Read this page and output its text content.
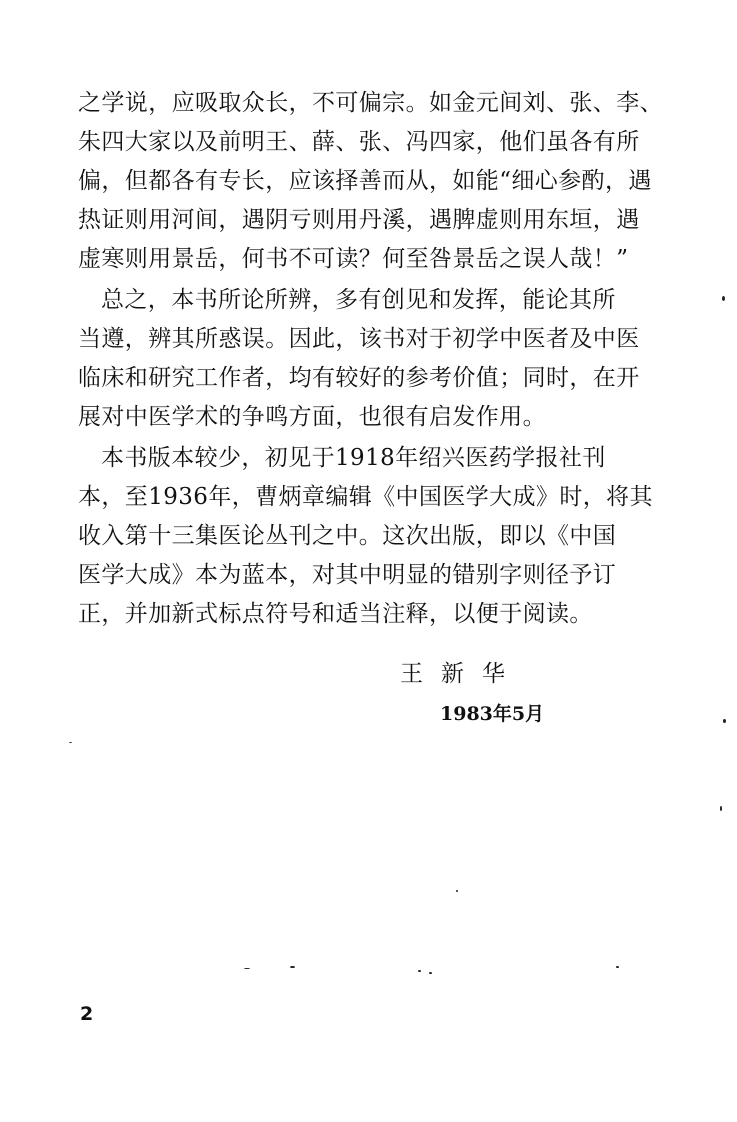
之学说，应吸取众长，不可偏宗。如金元间刘、张、李、
朱四大家以及前明王、薛、张、冯四家，他们虽各有所
偏，但都各有专长，应该择善而从，如能“细心参酌，遇
热证则用河间，遇阴亏则用丹溪，遇脾虚则用东垣，遇
虚寒则用景岳，何书不可读？何至咎景岳之误人哉！”
总之，本书所论所辨，多有创见和发挥，能论其所
当遵，辨其所惑误。因此，该书对于初学中医者及中医
临床和研究工作者，均有较好的参考价值；同时，在开
展对中医学术的争鸣方面，也很有启发作用。
本书版本较少，初见于1918年绍兴医药学报社刊
本，至1936年，曹炳章编辑《中国医学大成》时，将其
收入第十三集医论丛刊之中。这次出版，即以《中国
医学大成》本为蓝本，对其中明显的错别字则径予订
正，并加新式标点符号和适当注释，以便于阅读。
王新华
1983年5月
2
